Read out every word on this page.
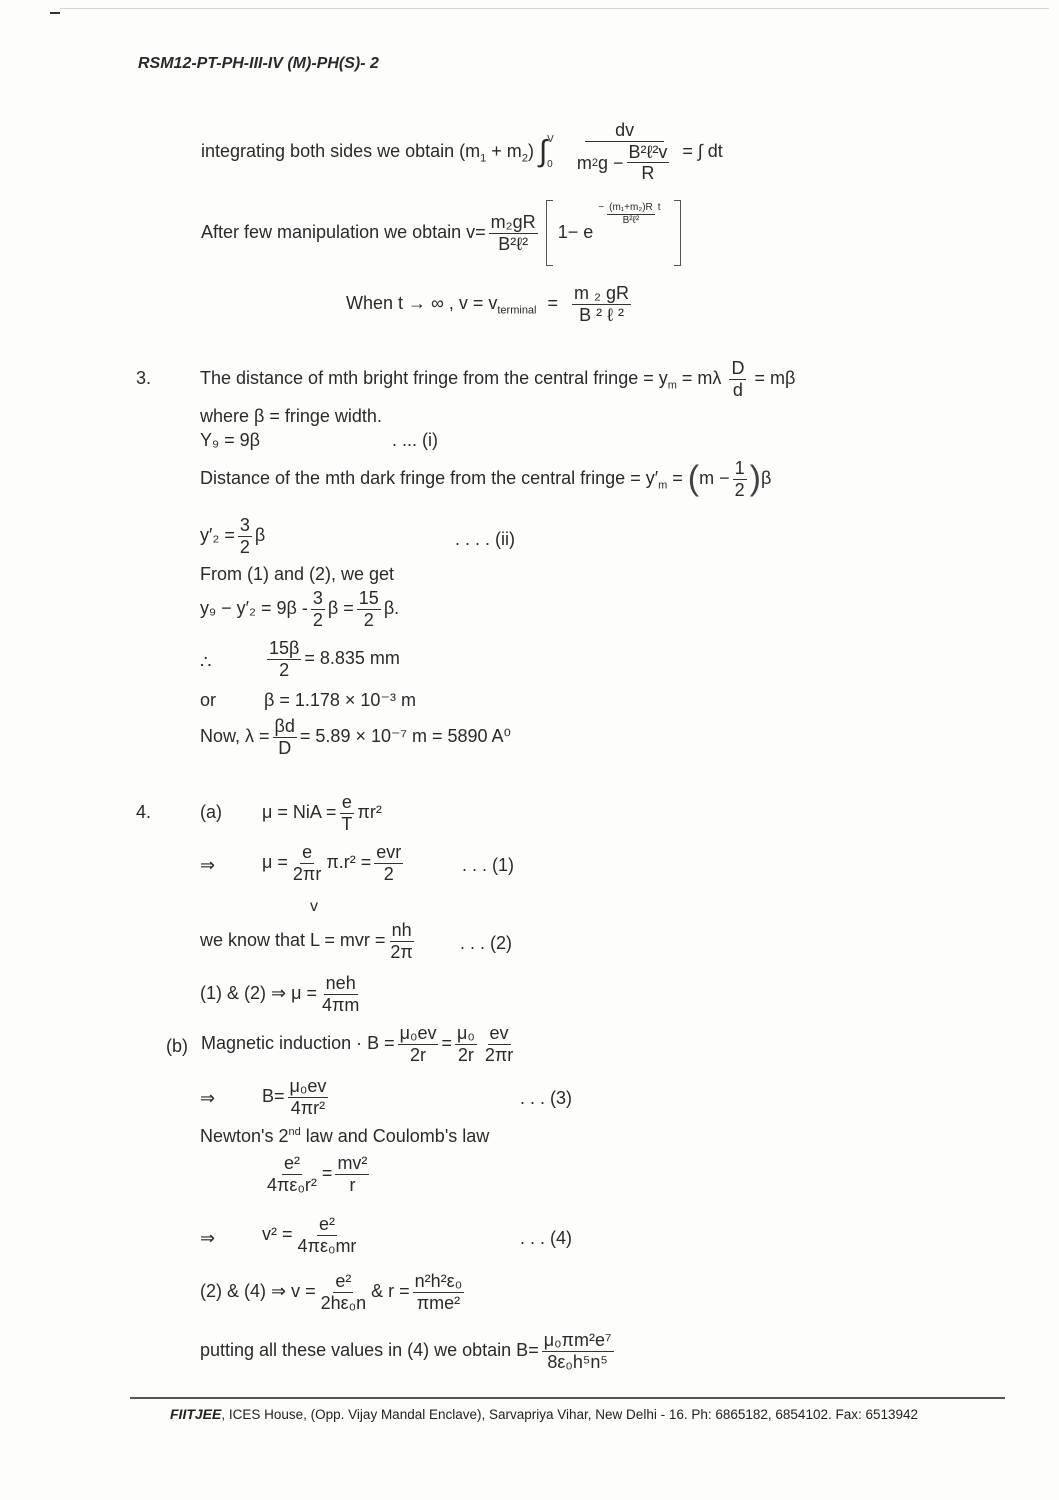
RSM12-PT-PH-III-IV (M)-PH(S)- 2
integrating both sides we obtain $(m_1 + m_2)$ ∫ V
0
$\frac{dv}{m 2 g - \frac{\text{B²ℓ²v}}{R}}$ = ∫ dt
After few manipulation we obtain $v= \frac{\text{m₂gR}}{\text{B²ℓ²}} 1- e - \frac{\text{(m₁+m₂)R}}{\text{B²ℓ²}}$ t

When t → ∞ , $v = v_{terminal} = \frac{\text{m ₂ gR}}{\text{B ² ℓ ²}}$
3.	The distance of mth bright fringe from the central fringe = $y_m = m\lambda \frac{D}{d} = m\beta$
where β = fringe width.
Y₉ = 9β	. ... (i)
Distance of the mth dark fringe from the central fringe = $y'_m = (m - \frac{1}{2} )\beta$
$y'_2 = \frac{3}{2}$ β	. . . . (ii)
From (1) and (2), we get
$y_9 - y'_2 = 9\beta - \frac{3}{2}$ $\beta = \frac{15}{2} \beta$.
∴	$\frac{15\beta}{2} = 8.835$ mm
or	β = 1.178 × 10⁻³ m
Now, $\lambda = \frac{\beta d}{D} = 5.89 \times 10^{-7}$ m = 5890 A⁰
4.	(a) μ = NiA = $\frac{e}{T} \pi r^2$
⇒	$\mu = \frac{e}{2\pi r} \pi.r^2 = \frac{\text{evr}}{2}$
v
. . . (1)
we know that L = mvr = $\frac{nh}{2\pi}$	. . . (2)
(1) & (2) ⇒ $\mu = \frac{\text{neh}}{4\pi m}$
(b) Magnetic induction · $B = \frac{\text{μ₀ev}}{2r} = \frac{\text{μ₀}}{2r} \frac{ev}{2\pi r}$
⇒	$B= \frac{\text{μ₀ev}}{\text{4πr²}}$	. . . (3)
Newton's 2nd law and Coulomb's law
$\frac{\text{e²}}{\text{4πε₀r²}} = \frac{\text{mv²}}{r}$
⇒	$v^2 = \frac{\text{e²}}{\text{4πε₀mr}}$	. . . (4)
(2) & (4) ⇒ $v = \frac{\text{e²}}{\text{2hε₀n}}$ & $r = \frac{\text{n²h²ε₀}}{\text{πme²}}$
putting all these values in (4) we obtain $B= \frac{\text{μ₀πm²e⁷}}{\text{8ε₀h⁵n⁵}}$
FIITJEE, ICES House, (Opp. Vijay Mandal Enclave), Sarvapriya Vihar, New Delhi - 16. Ph: 6865182, 6854102. Fax: 6513942
